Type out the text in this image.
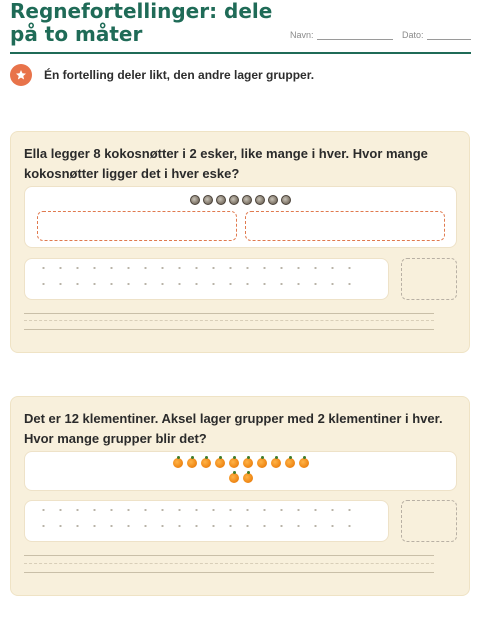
Regnefortellinger: dele på to måter	Navn:	Dato:
Én fortelling deler likt, den andre lager grupper.
Ella legger 8 kokosnøtter i 2 esker, like mange i hver. Hvor mange kokosnøtter ligger det i hver eske?
Det er 12 klementiner. Aksel lager grupper med 2 klementiner i hver. Hvor mange grupper blir det?
